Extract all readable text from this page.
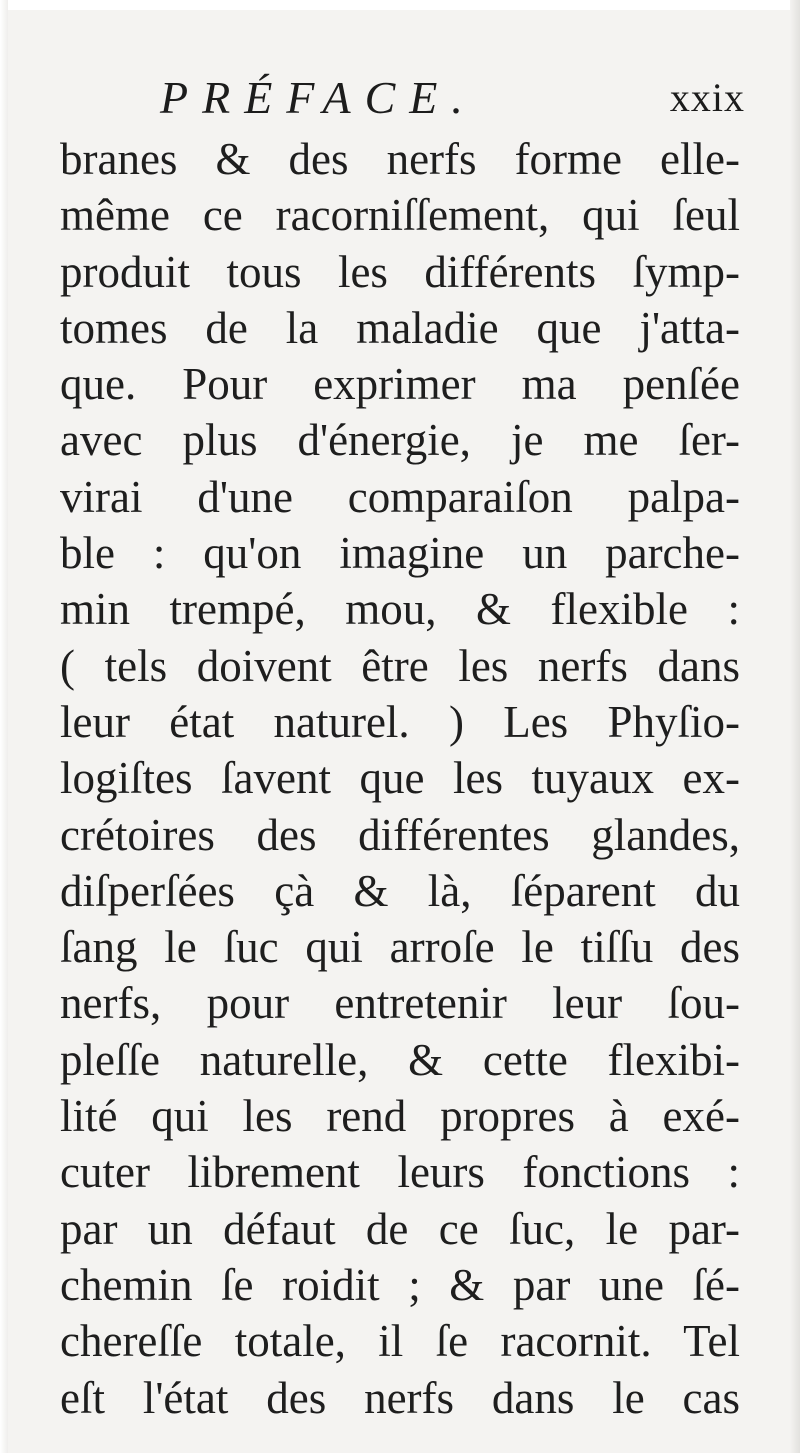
PRÉFACE.	xxix
branes & des nerfs forme elle-
même ce racorniſſement, qui ſeul
produit tous les différents ſymp-
tomes de la maladie que j'atta-
que. Pour exprimer ma penſée
avec plus d'énergie, je me ſer-
virai d'une comparaiſon palpa-
ble : qu'on imagine un parche-
min trempé, mou, & flexible :
( tels doivent être les nerfs dans
leur état naturel. ) Les Phyſio-
logiſtes ſavent que les tuyaux ex-
crétoires des différentes glandes,
diſperſées çà & là, ſéparent du
ſang le ſuc qui arroſe le tiſſu des
nerfs, pour entretenir leur ſou-
pleſſe naturelle, & cette flexibi-
lité qui les rend propres à exé-
cuter librement leurs fonctions :
par un défaut de ce ſuc, le par-
chemin ſe roidit ; & par une ſé-
chereſſe totale, il ſe racornit. Tel
eſt l'état des nerfs dans le cas
